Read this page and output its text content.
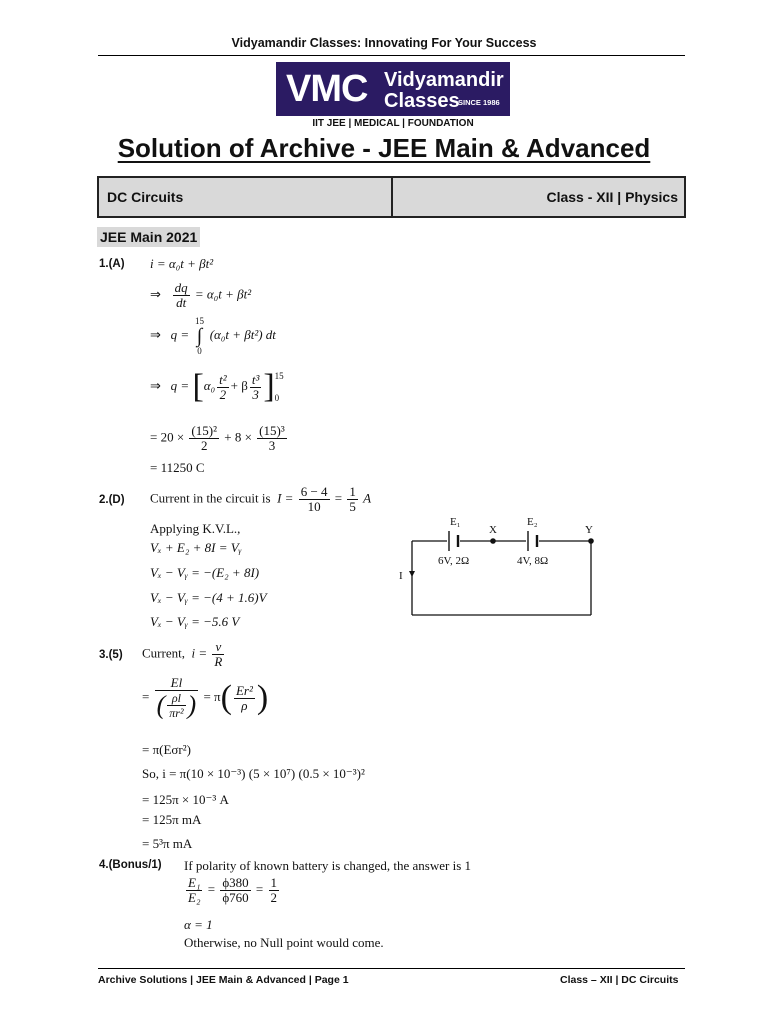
Vidyamandir Classes: Innovating For Your Success
VMC Vidyamandir
Classes
SINCE 1986
IIT JEE | MEDICAL | FOUNDATION
Solution of Archive - JEE Main & Advanced
DC Circuits	Class - XII | Physics
JEE Main 2021
1.(A) i = α₀t + βt²
⇒ $\frac{dq}{dt} = \alpha_0t + \beta t^2$
⇒ q =
15
∫
0
(α₀t + βt²) dt
⇒ $q = [\alpha_0 \frac{\text{t²}}{2} + \beta \frac{\text{t³}}{3}$ ] 15
0
= $20 \times \frac{\text{(15)²}}{2} + 8 \times \frac{\text{(15)³}}{3}$
= 11250 C
2.(D) Current in the circuit is $I = \frac{6 - 4}{10} = \frac{1}{5}$ A
Applying K.V.L.,
Vₓ + E₂ + 8I = Vᵧ
Vₓ − Vᵧ = −(E₂ + 8I)
Vₓ − Vᵧ = −(4 + 1.6)V
Vₓ − Vᵧ = −5.6 V
E₁
X
E₂
Y
6V, 2Ω	4V, 8Ω
I
3.(5) Current, $i = \frac{v}{R}$
= $\frac{El}{( \frac{\rho l}{\text{πr²}} )} = \pi( \frac{\text{Er²}}{\rho}$ )
= π(Eσr²)
So, i = π(10 × 10⁻³) (5 × 10⁷) (0.5 × 10⁻³)²
= 125π × 10⁻³ A
= 125π mA
= 5³π mA
4.(Bonus/1) If polarity of known battery is changed, the answer is 1
$\frac{\text{E₁}}{\text{E₂}} = \frac{\phi 380}{\phi 760} = \frac{1}{2}$
α = 1
Otherwise, no Null point would come.
Archive Solutions | JEE Main & Advanced | Page 1	Class – XII | DC Circuits
